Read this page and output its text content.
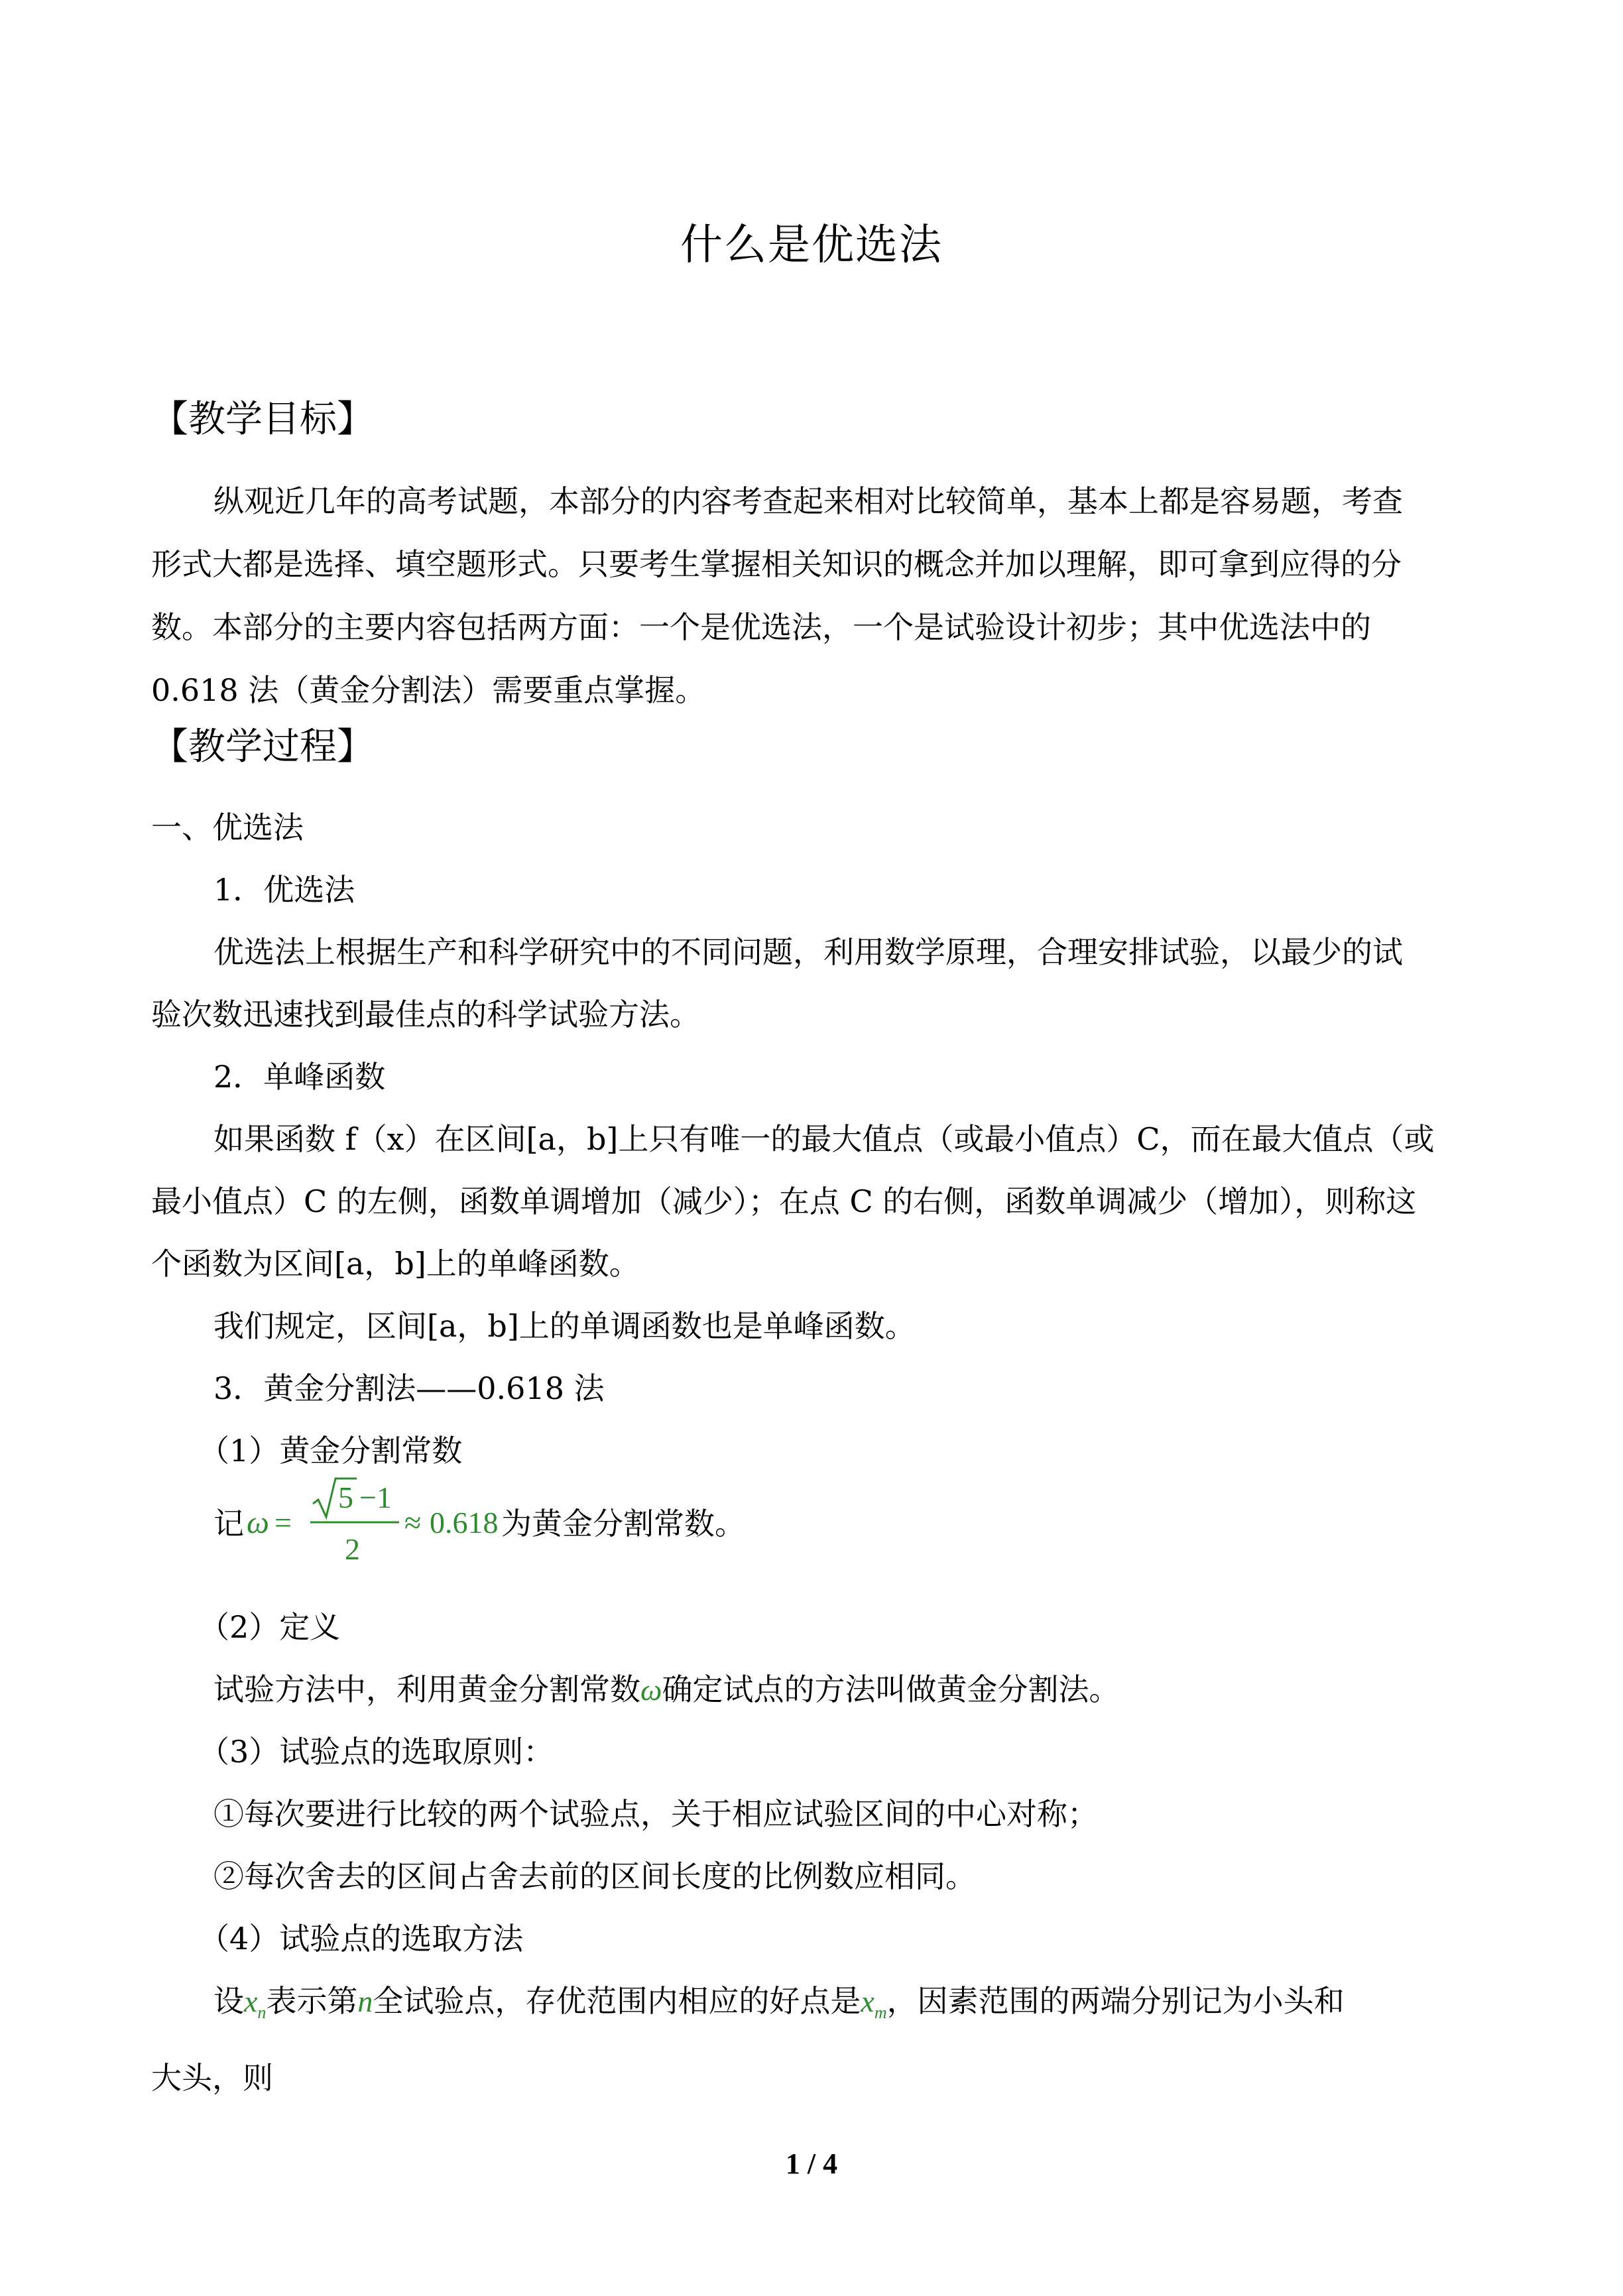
什么是优选法
【教学目标】
纵观近几年的高考试题，本部分的内容考查起来相对比较简单，基本上都是容易题，考查
形式大都是选择、填空题形式。只要考生掌握相关知识的概念并加以理解，即可拿到应得的分
数。本部分的主要内容包括两方面：一个是优选法，一个是试验设计初步；其中优选法中的
0.618 法（黄金分割法）需要重点掌握。
【教学过程】
一、优选法
1．优选法
优选法上根据生产和科学研究中的不同问题，利用数学原理，合理安排试验，以最少的试
验次数迅速找到最佳点的科学试验方法。
2．单峰函数
如果函数 f（x）在区间[a，b]上只有唯一的最大值点（或最小值点）C，而在最大值点（或
最小值点）C 的左侧，函数单调增加（减少）；在点 C 的右侧，函数单调减少（增加），则称这
个函数为区间[a，b]上的单峰函数。
我们规定，区间[a，b]上的单调函数也是单峰函数。
3．黄金分割法——0.618 法
（1）黄金分割常数
记 ω =
5 −1
2
≈ 0.618 为黄金分割常数。
（2）定义
试验方法中，利用黄金分割常数ω确定试点的方法叫做黄金分割法。
（3）试验点的选取原则：
①每次要进行比较的两个试验点，关于相应试验区间的中心对称；
②每次舍去的区间占舍去前的区间长度的比例数应相同。
（4）试验点的选取方法
设$x_n$表示第n全试验点，存优范围内相应的好点是$x_m$，因素范围的两端分别记为小头和
大头，则
1 / 4
